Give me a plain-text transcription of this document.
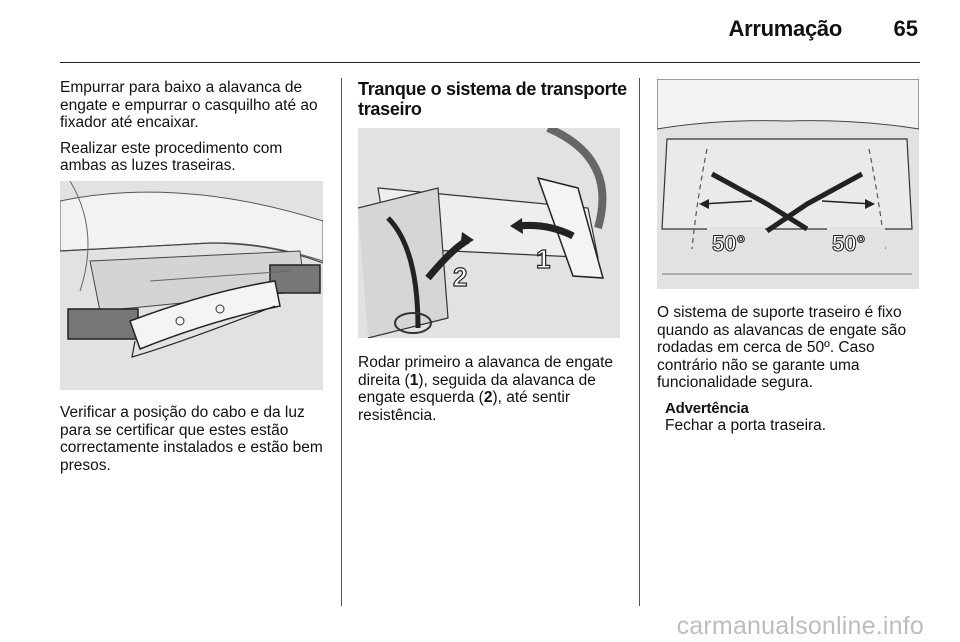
Arrumação 65

Empurrar para baixo a alavanca de engate e empurrar o casquilho até ao fixador até encaixar.

Realizar este procedimento com ambas as luzes traseiras.

Verificar a posição do cabo e da luz para se certificar que estes estão correctamente instalados e estão bem presos.

Tranque o sistema de transporte traseiro
2
1

Rodar primeiro a alavanca de engate direita (1), seguida da alavanca de engate esquerda (2), até sentir resistência.

50°	50°

O sistema de suporte traseiro é fixo quando as alavancas de engate são rodadas em cerca de 50º. Caso contrário não se garante uma funcionalidade segura.

Advertência
Fechar a porta traseira.
carmanualsonline.info
